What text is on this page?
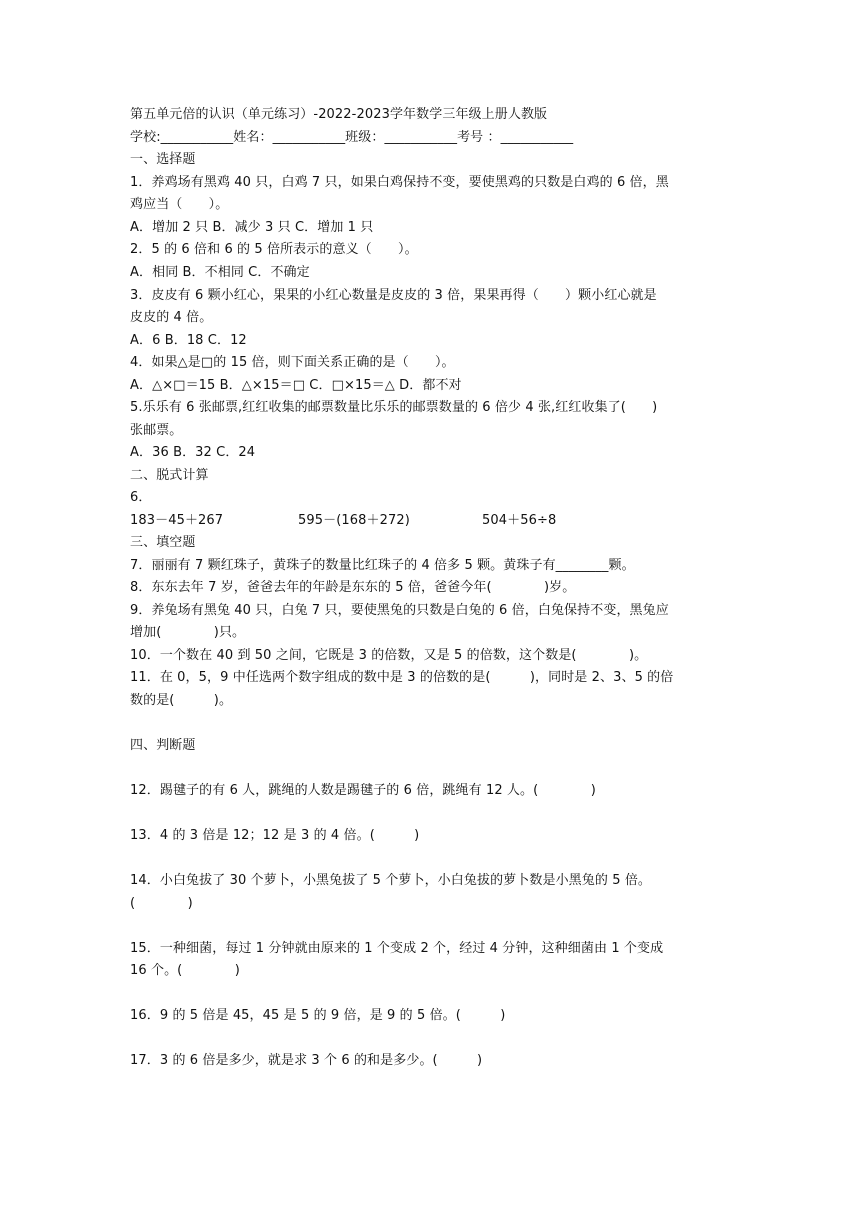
第五单元倍的认识（单元练习）-2022-2023学年数学三年级上册人教版
学校:___________姓名：___________班级：___________考号 ：___________
一、选择题
1．养鸡场有黑鸡 40 只，白鸡 7 只，如果白鸡保持不变，要使黑鸡的只数是白鸡的 6 倍，黑
鸡应当（　　）。
A．增加 2 只 B．减少 3 只 C．增加 1 只
2．5 的 6 倍和 6 的 5 倍所表示的意义（　　）。
A．相同 B．不相同 C．不确定
3．皮皮有 6 颗小红心，果果的小红心数量是皮皮的 3 倍，果果再得（　　）颗小红心就是
皮皮的 4 倍。
A．6 B．18 C．12
4．如果△是□的 15 倍，则下面关系正确的是（　　）。
A．△×□＝15 B．△×15＝□ C．□×15＝△ D．都不对
5.乐乐有 6 张邮票,红红收集的邮票数量比乐乐的邮票数量的 6 倍少 4 张,红红收集了(　　)
张邮票。
A．36 B．32 C．24
二、脱式计算
6．
183－45＋267	595－(168＋272)	504＋56÷8
三、填空题
7．丽丽有 7 颗红珠子，黄珠子的数量比红珠子的 4 倍多 5 颗。黄珠子有________颗。
8．东东去年 7 岁，爸爸去年的年龄是东东的 5 倍，爸爸今年(　　　　)岁。
9．养兔场有黑兔 40 只，白兔 7 只，要使黑兔的只数是白兔的 6 倍，白兔保持不变，黑兔应
增加(　　　　)只。
10．一个数在 40 到 50 之间，它既是 3 的倍数，又是 5 的倍数，这个数是(　　　　)。
11．在 0，5，9 中任选两个数字组成的数中是 3 的倍数的是(　　　)，同时是 2、3、5 的倍
数的是(　　　)。
四、判断题
12．踢毽子的有 6 人，跳绳的人数是踢毽子的 6 倍，跳绳有 12 人。(　　　　)
13．4 的 3 倍是 12；12 是 3 的 4 倍。(　　　)
14．小白兔拔了 30 个萝卜，小黑兔拔了 5 个萝卜，小白兔拔的萝卜数是小黑兔的 5 倍。
(　　　　)
15．一种细菌，每过 1 分钟就由原来的 1 个变成 2 个，经过 4 分钟，这种细菌由 1 个变成
16 个。(　　　　)
16．9 的 5 倍是 45，45 是 5 的 9 倍，是 9 的 5 倍。(　　　)
17．3 的 6 倍是多少，就是求 3 个 6 的和是多少。(　　　)
